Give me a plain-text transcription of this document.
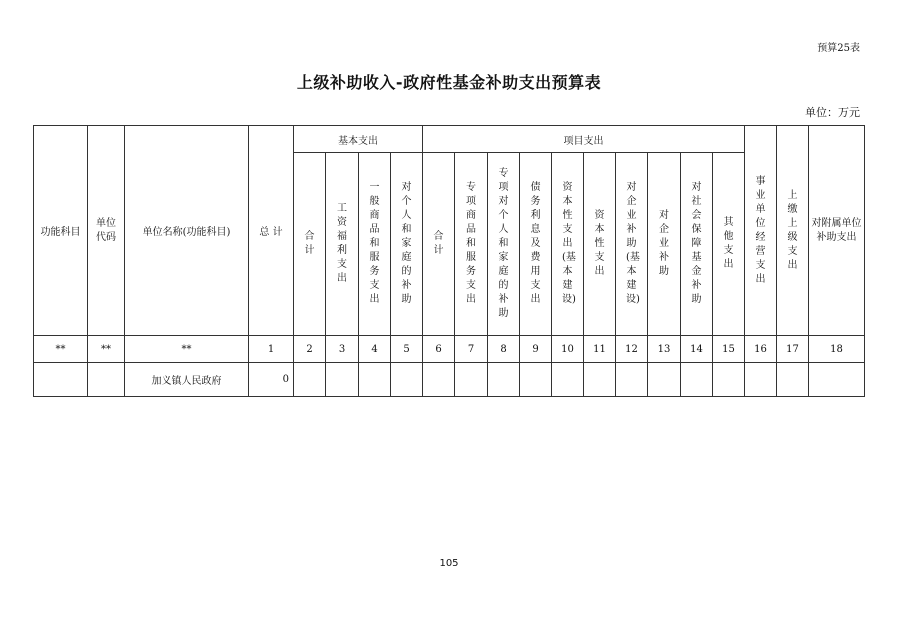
预算25表
上级补助收入-政府性基金补助支出预算表
单位：万元
功能科目	单位代码	单位名称(功能科目)	总 计	基本支出				项目支出										事业单位经营支出	上缴上级支出	对附属单位补助支出
				合计	工资福利支出	一般商品和服务支出	对个人和家庭的补助	合计	专项商品和服务支出	专项对个人和家庭的补助	债务利息及费用支出	资本性支出(基本建设)	资本性支出	对企业补助(基本建设)	对企业补助	对社会保障基金补助	其他支出			
**	**	**	1	2	3	4	5	6	7	8	9	10	11	12	13	14	15	16	17	18
		加义镇人民政府	0																	
105
